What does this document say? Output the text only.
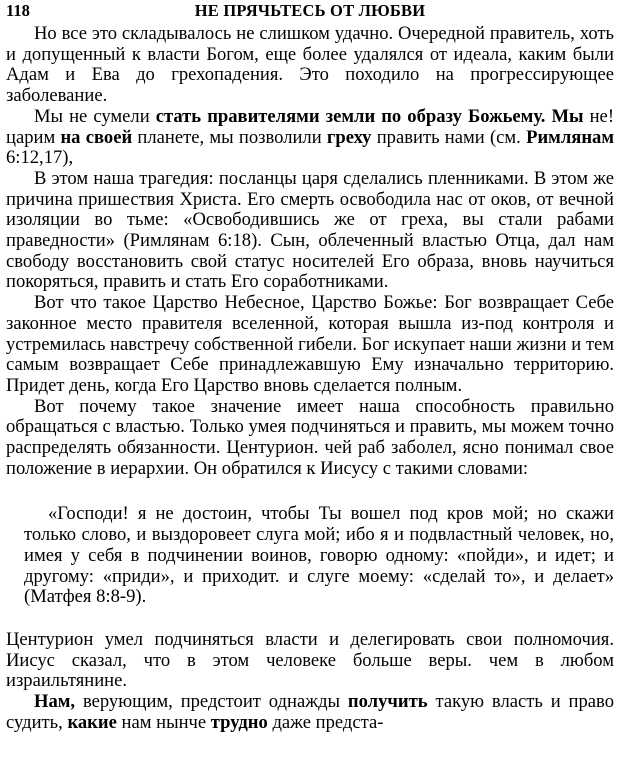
118	НЕ ПРЯЧЬТЕСЬ ОТ ЛЮБВИ

Но все это складывалось не слишком удачно. Очередной правитель, хоть и допущенный к власти Богом, еще более удалялся от идеала, каким были Адам и Ева до грехопадения. Это походило на прогрессирующее заболевание.

Мы не сумели стать правителями земли по образу Божьему. Мы не! царим на своей планете, мы позволили греху править нами (см. Римлянам 6:12,17),

В этом наша трагедия: посланцы царя сделались пленниками. В этом же причина пришествия Христа. Его смерть освободила нас от оков, от вечной изоляции во тьме: «Освободившись же от греха, вы стали рабами праведности» (Римлянам 6:18). Сын, облеченный властью Отца, дал нам свободу восстановить свой статус носителей Его образа, вновь научиться покоряться, править и стать Его соработниками.

Вот что такое Царство Небесное, Царство Божье: Бог возвращает Себе законное место правителя вселенной, которая вышла из-под контроля и устремилась навстречу собственной гибели. Бог искупает наши жизни и тем самым возвращает Себе принадлежавшую Ему изначально территорию. Придет день, когда Его Царство вновь сделается полным.

Вот почему такое значение имеет наша способность правильно обращаться с властью. Только умея подчиняться и править, мы можем точно распределять обязанности. Центурион. чей раб заболел, ясно понимал свое положение в иерархии. Он обратился к Иисусу с такими словами:

«Господи! я не достоин, чтобы Ты вошел под кров мой; но скажи только слово, и выздоровеет слуга мой; ибо я и подвластный человек, но, имея у себя в подчинении воинов, говорю одному: «пойди», и идет; и другому: «приди», и приходит. и слуге моему: «сделай то», и делает» (Матфея 8:8-9).

Центурион умел подчиняться власти и делегировать свои полномочия. Иисус сказал, что в этом человеке больше веры. чем в любом израильтянине.

Нам, верующим, предстоит однажды получить такую власть и право судить, какие нам нынче трудно даже предста-
